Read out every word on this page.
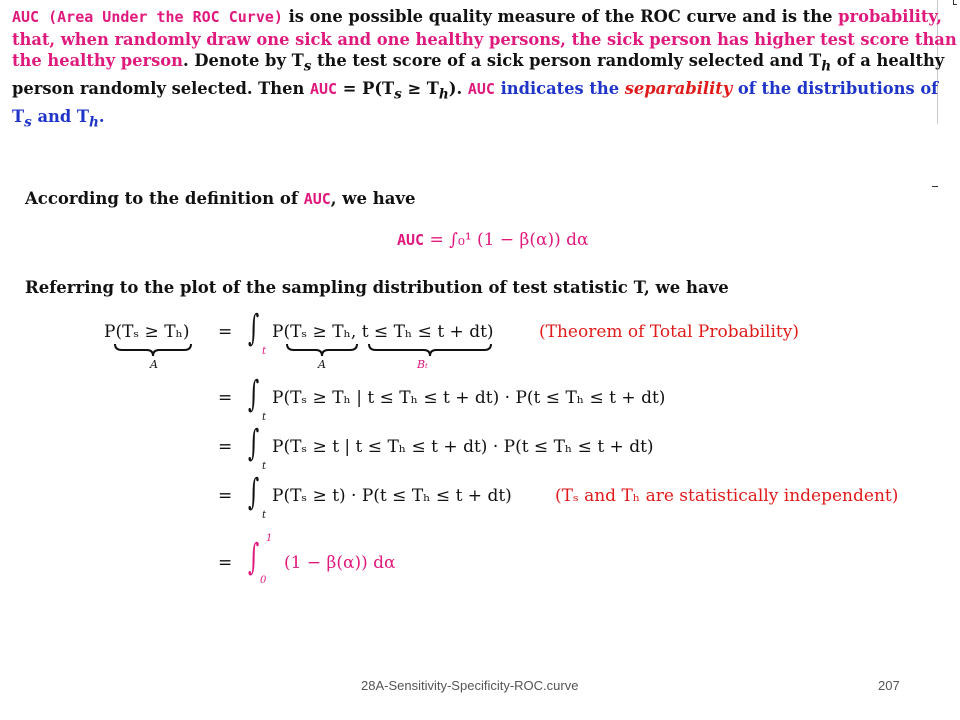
AUC (Area Under the ROC Curve) is one possible quality measure of the ROC curve and is the probability, that, when randomly draw one sick and one healthy persons, the sick person has higher test score than the healthy person. Denote by $T_s$ the test score of a sick person randomly selected and $T_h$ of a healthy person randomly selected. Then AUC = $P(T_s \ge T_h)$. AUC indicates the separability of the distributions of $T_s$ and $T_h$.
According to the definition of AUC, we have
AUC = ∫₀¹ (1 − β(α)) dα
Referring to the plot of the sampling distribution of test statistic T, we have
P(Tₛ ≥ Tₕ)
A
= ∫
t
P(Tₛ ≥ Tₕ, t ≤ Tₕ ≤ t + dt)
A	Bₜ
(Theorem of Total Probability)
= ∫
t
P(Tₛ ≥ Tₕ | t ≤ Tₕ ≤ t + dt) · P(t ≤ Tₕ ≤ t + dt)
= ∫
t
P(Tₛ ≥ t | t ≤ Tₕ ≤ t + dt) · P(t ≤ Tₕ ≤ t + dt)
= ∫
t
P(Tₛ ≥ t) · P(t ≤ Tₕ ≤ t + dt)	(Tₛ and Tₕ are statistically independent)
= ∫ 1
0
(1 − β(α)) dα
28A-Sensitivity-Specificity-ROC.curve	207
